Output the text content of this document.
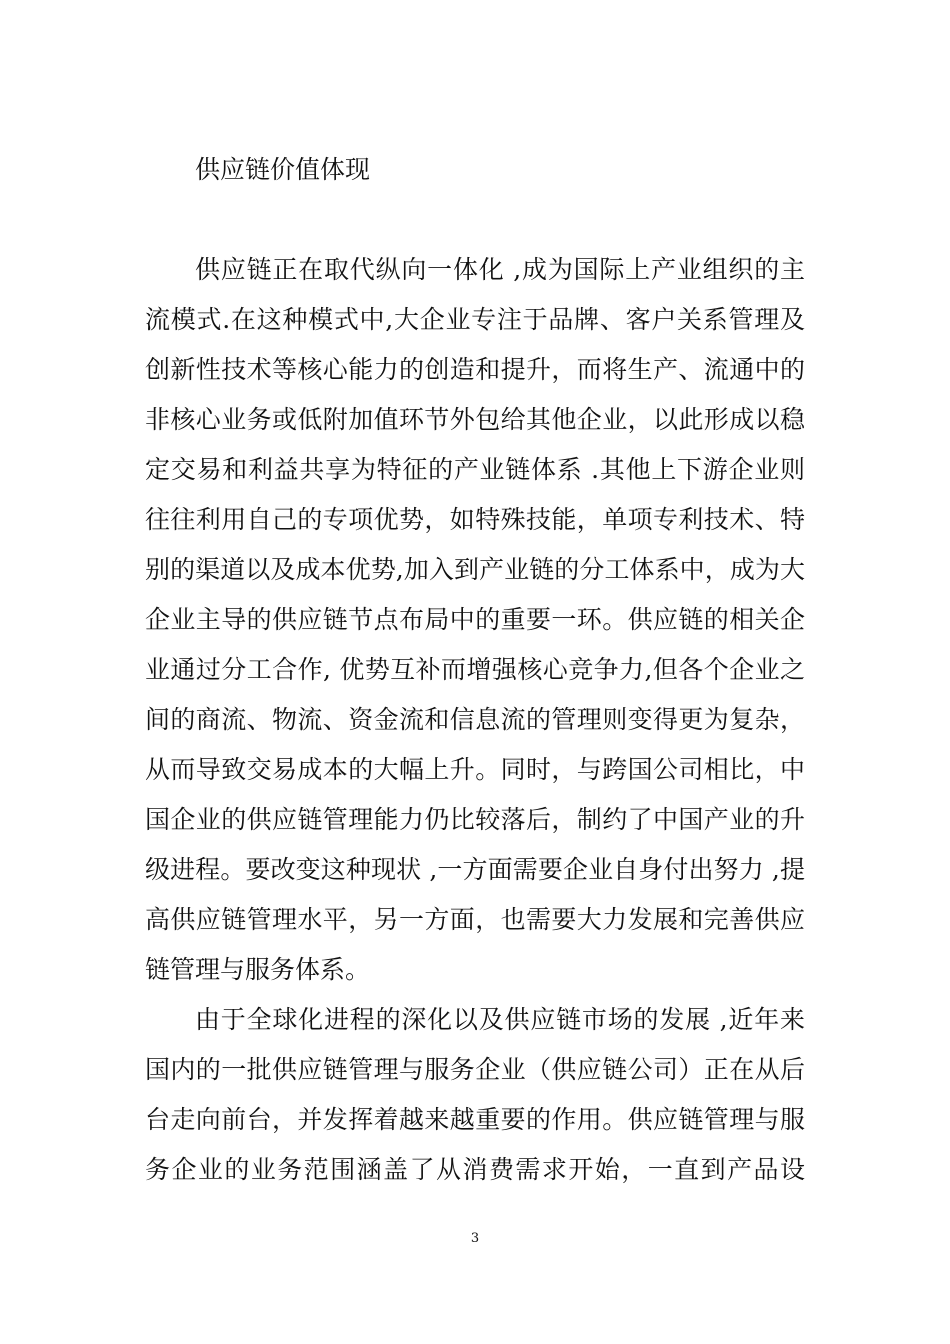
供应链价值体现
供应链正在取代纵向一体化 ,成为国际上产业组织的主
流模式.在这种模式中,大企业专注于品牌、客户关系管理及
创新性技术等核心能力的创造和提升，而将生产、流通中的
非核心业务或低附加值环节外包给其他企业，以此形成以稳
定交易和利益共享为特征的产业链体系 .其他上下游企业则
往往利用自己的专项优势，如特殊技能，单项专利技术、特
别的渠道以及成本优势,加入到产业链的分工体系中，成为大
企业主导的供应链节点布局中的重要一环。供应链的相关企
业通过分工合作, 优势互补而增强核心竞争力,但各个企业之
间的商流、物流、资金流和信息流的管理则变得更为复杂，
从而导致交易成本的大幅上升。同时，与跨国公司相比，中
国企业的供应链管理能力仍比较落后，制约了中国产业的升
级进程。要改变这种现状 ,一方面需要企业自身付出努力 ,提
高供应链管理水平，另一方面，也需要大力发展和完善供应
链管理与服务体系。
由于全球化进程的深化以及供应链市场的发展 ,近年来
国内的一批供应链管理与服务企业（供应链公司）正在从后
台走向前台，并发挥着越来越重要的作用。供应链管理与服
务企业的业务范围涵盖了从消费需求开始，一直到产品设
3
